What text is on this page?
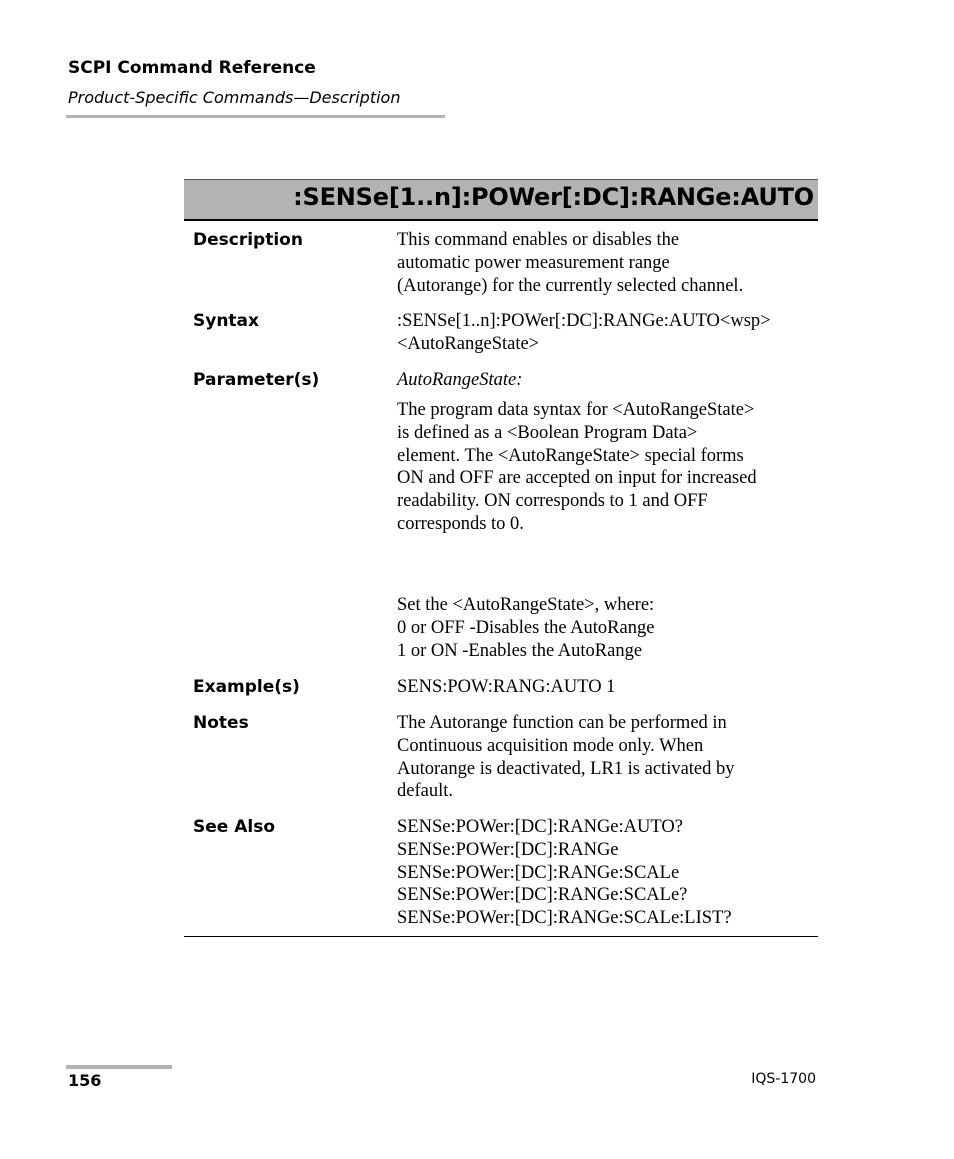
SCPI Command Reference
Product-Specific Commands—Description
:SENSe[1..n]:POWer[:DC]:RANGe:AUTO
Description	This command enables or disables the
automatic power measurement range
(Autorange) for the currently selected channel.
Syntax	:SENSe[1..n]:POWer[:DC]:RANGe:AUTO<wsp>
<AutoRangeState>
Parameter(s)	AutoRangeState:
The program data syntax for <AutoRangeState>
is defined as a <Boolean Program Data>
element. The <AutoRangeState> special forms
ON and OFF are accepted on input for increased
readability. ON corresponds to 1 and OFF
corresponds to 0.
Set the <AutoRangeState>, where:
0 or OFF -Disables the AutoRange
1 or ON -Enables the AutoRange
Example(s)	SENS:POW:RANG:AUTO 1
Notes	The Autorange function can be performed in
Continuous acquisition mode only. When
Autorange is deactivated, LR1 is activated by
default.
See Also	SENSe:POWer:[DC]:RANGe:AUTO?
SENSe:POWer:[DC]:RANGe
SENSe:POWer:[DC]:RANGe:SCALe
SENSe:POWer:[DC]:RANGe:SCALe?
SENSe:POWer:[DC]:RANGe:SCALe:LIST?
156	IQS-1700
